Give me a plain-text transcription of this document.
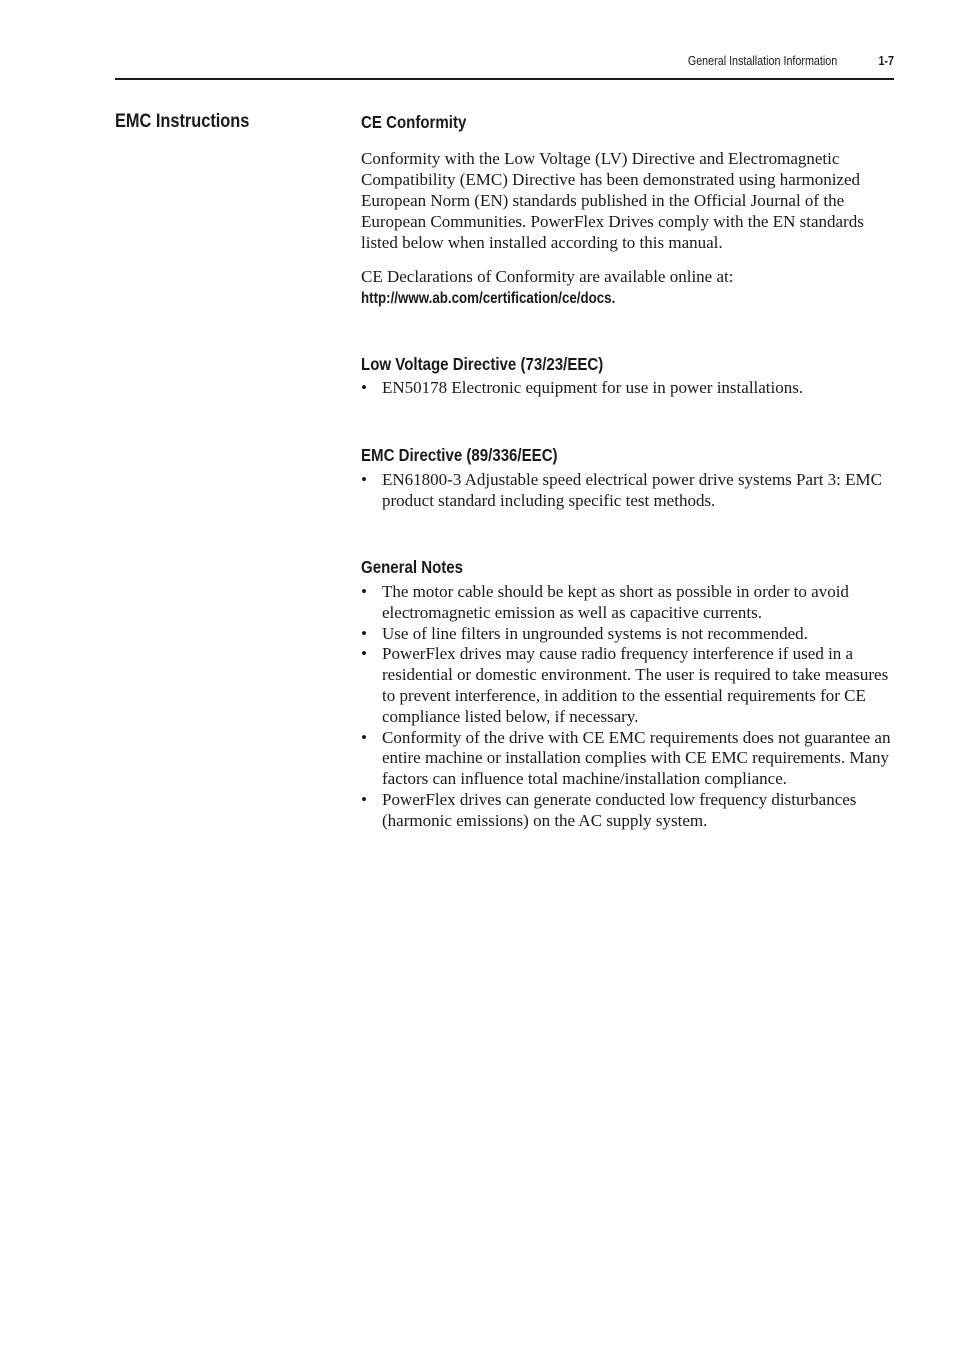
General Installation Information	1-7
EMC Instructions	CE Conformity

Conformity with the Low Voltage (LV) Directive and Electromagnetic Compatibility (EMC) Directive has been demonstrated using harmonized European Norm (EN) standards published in the Official Journal of the European Communities. PowerFlex Drives comply with the EN standards listed below when installed according to this manual.

CE Declarations of Conformity are available online at:
http://www.ab.com/certification/ce/docs.

Low Voltage Directive (73/23/EEC)
• EN50178 Electronic equipment for use in power installations.
EMC Directive (89/336/EEC)
• EN61800-3 Adjustable speed electrical power drive systems Part 3: EMC product standard including specific test methods.
General Notes
• The motor cable should be kept as short as possible in order to avoid electromagnetic emission as well as capacitive currents.
• Use of line filters in ungrounded systems is not recommended.
• PowerFlex drives may cause radio frequency interference if used in a residential or domestic environment. The user is required to take measures to prevent interference, in addition to the essential requirements for CE compliance listed below, if necessary.
• Conformity of the drive with CE EMC requirements does not guarantee an entire machine or installation complies with CE EMC requirements. Many factors can influence total machine/installation compliance.
• PowerFlex drives can generate conducted low frequency disturbances (harmonic emissions) on the AC supply system.
